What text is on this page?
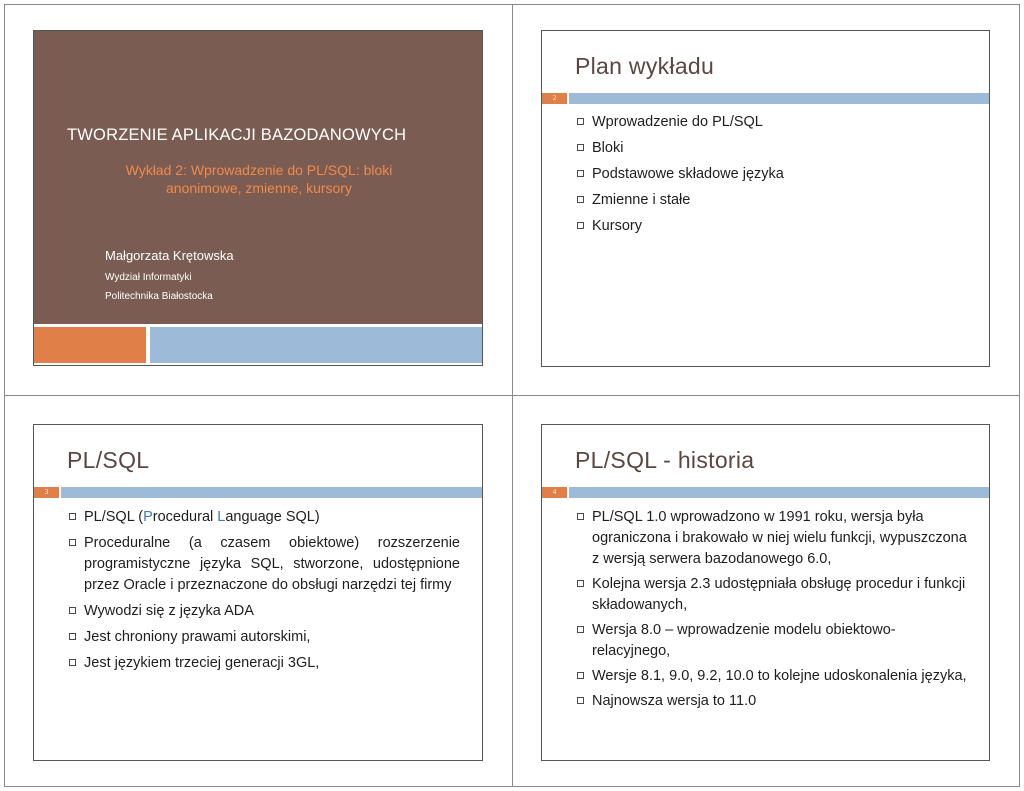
TWORZENIE APLIKACJI BAZODANOWYCH
Wykład 2: Wprowadzenie do PL/SQL: bloki
anonimowe, zmienne, kursory
Małgorzata Krętowska
Wydział Informatyki
Politechnika Białostocka
Plan wykładu
2
Wprowadzenie do PL/SQL
Bloki
Podstawowe składowe języka
Zmienne i stałe
Kursory
PL/SQL
3
PL/SQL (Procedural Language SQL)
Proceduralne (a czasem obiektowe) rozszerzenie programistyczne języka SQL, stworzone, udostępnione przez Oracle i przeznaczone do obsługi narzędzi tej firmy
Wywodzi się z języka ADA
Jest chroniony prawami autorskimi,
Jest językiem trzeciej generacji 3GL,
PL/SQL - historia
4
PL/SQL 1.0 wprowadzono w 1991 roku, wersja była ograniczona i brakowało w niej wielu funkcji, wypuszczona z wersją serwera bazodanowego 6.0,
Kolejna wersja 2.3 udostępniała obsługę procedur i funkcji składowanych,
Wersja 8.0 – wprowadzenie modelu obiektowo-relacyjnego,
Wersje 8.1, 9.0, 9.2, 10.0 to kolejne udoskonalenia języka,
Najnowsza wersja to 11.0
